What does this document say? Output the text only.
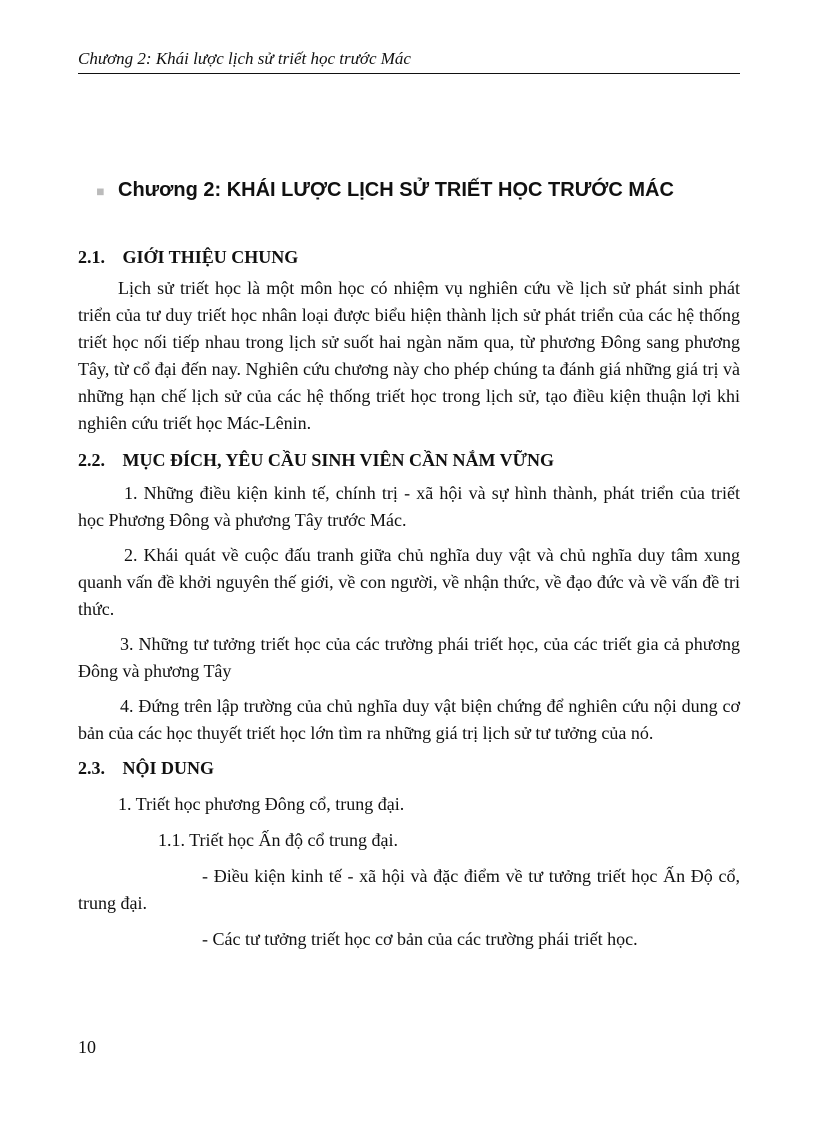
Chương 2: Khái lược lịch sử triết học trước Mác
◾ Chương 2: KHÁI LƯỢC LỊCH SỬ TRIẾT HỌC TRƯỚC MÁC
2.1. GIỚI THIỆU CHUNG

Lịch sử triết học là một môn học có nhiệm vụ nghiên cứu về lịch sử phát sinh phát triển của tư duy triết học nhân loại được biểu hiện thành lịch sử phát triển của các hệ thống triết học nối tiếp nhau trong lịch sử suốt hai ngàn năm qua, từ phương Đông sang phương Tây, từ cổ đại đến nay. Nghiên cứu chương này cho phép chúng ta đánh giá những giá trị và những hạn chế lịch sử của các hệ thống triết học trong lịch sử, tạo điều kiện thuận lợi khi nghiên cứu triết học Mác-Lênin.

2.2. MỤC ĐÍCH, YÊU CẦU SINH VIÊN CẦN NẮM VỮNG

1. Những điều kiện kinh tế, chính trị - xã hội và sự hình thành, phát triển của triết học Phương Đông và phương Tây trước Mác.

2. Khái quát về cuộc đấu tranh giữa chủ nghĩa duy vật và chủ nghĩa duy tâm xung quanh vấn đề khởi nguyên thế giới, về con người, về nhận thức, về đạo đức và về vấn đề tri thức.

3. Những tư tưởng triết học của các trường phái triết học, của các triết gia cả phương Đông và phương Tây

4. Đứng trên lập trường của chủ nghĩa duy vật biện chứng để nghiên cứu nội dung cơ bản của các học thuyết triết học lớn tìm ra những giá trị lịch sử tư tưởng của nó.

2.3. NỘI DUNG

1. Triết học phương Đông cổ, trung đại.

1.1. Triết học Ấn độ cổ trung đại.

- Điều kiện kinh tế - xã hội và đặc điểm về tư tưởng triết học Ấn Độ cổ, trung đại.

- Các tư tưởng triết học cơ bản của các trường phái triết học.

10
